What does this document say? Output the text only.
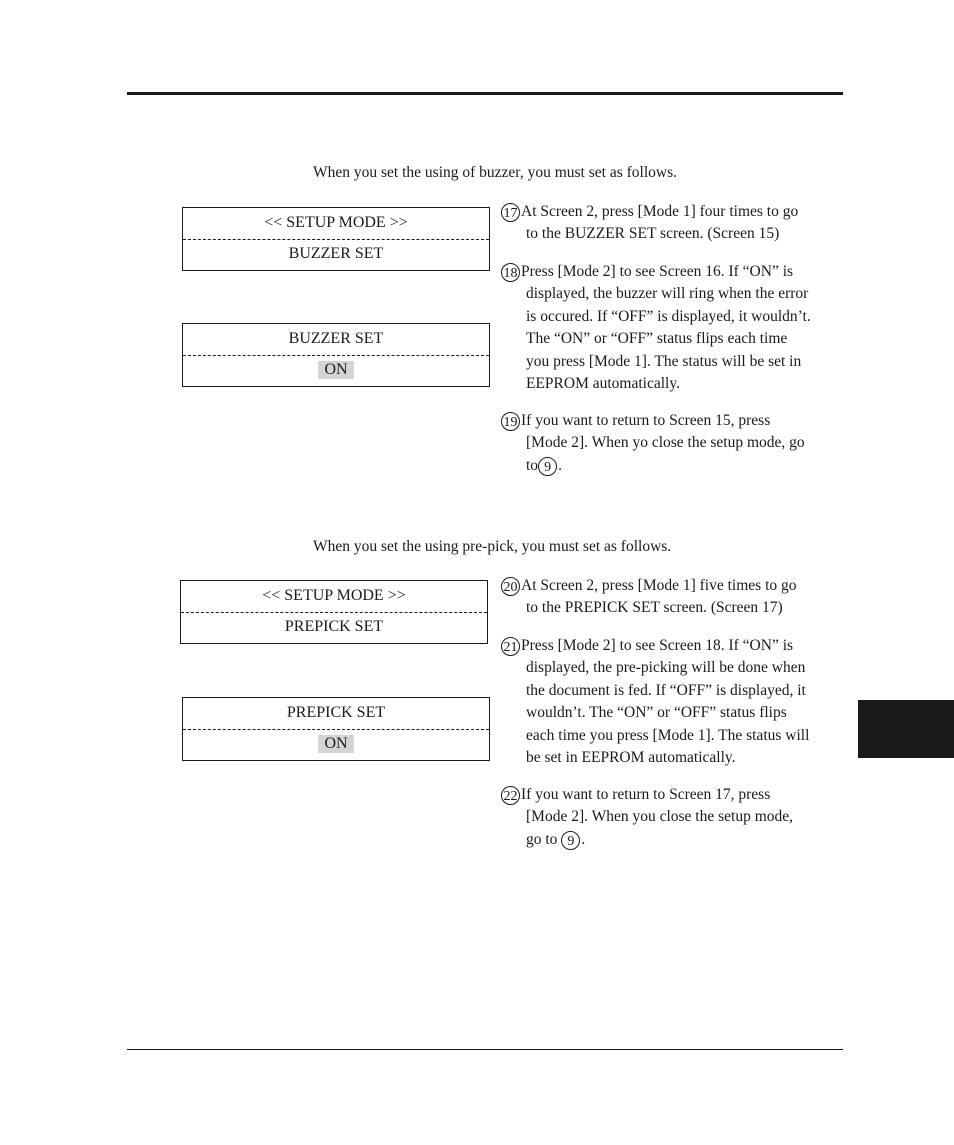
When you set the using of buzzer, you must set as follows.
<< SETUP MODE >>
BUZZER SET
BUZZER SET
ON
17 At Screen 2, press [Mode 1] four times to go
to the BUZZER SET screen. (Screen 15)
18 Press [Mode 2] to see Screen 16. If “ON” is
displayed, the buzzer will ring when the error
is occured. If “OFF” is displayed, it wouldn’t.
The “ON” or “OFF” status flips each time
you press [Mode 1]. The status will be set in
EEPROM automatically.
19 If you want to return to Screen 15, press
[Mode 2]. When yo close the setup mode, go
to 9 .
When you set the using pre-pick, you must set as follows.
<< SETUP MODE >>
PREPICK SET
PREPICK SET
ON
20 At Screen 2, press [Mode 1] five times to go
to the PREPICK SET screen. (Screen 17)
21 Press [Mode 2] to see Screen 18. If “ON” is
displayed, the pre-picking will be done when
the document is fed. If “OFF” is displayed, it
wouldn’t. The “ON” or “OFF” status flips
each time you press [Mode 1]. The status will
be set in EEPROM automatically.
22 If you want to return to Screen 17, press
[Mode 2]. When you close the setup mode,
go to 9 .
